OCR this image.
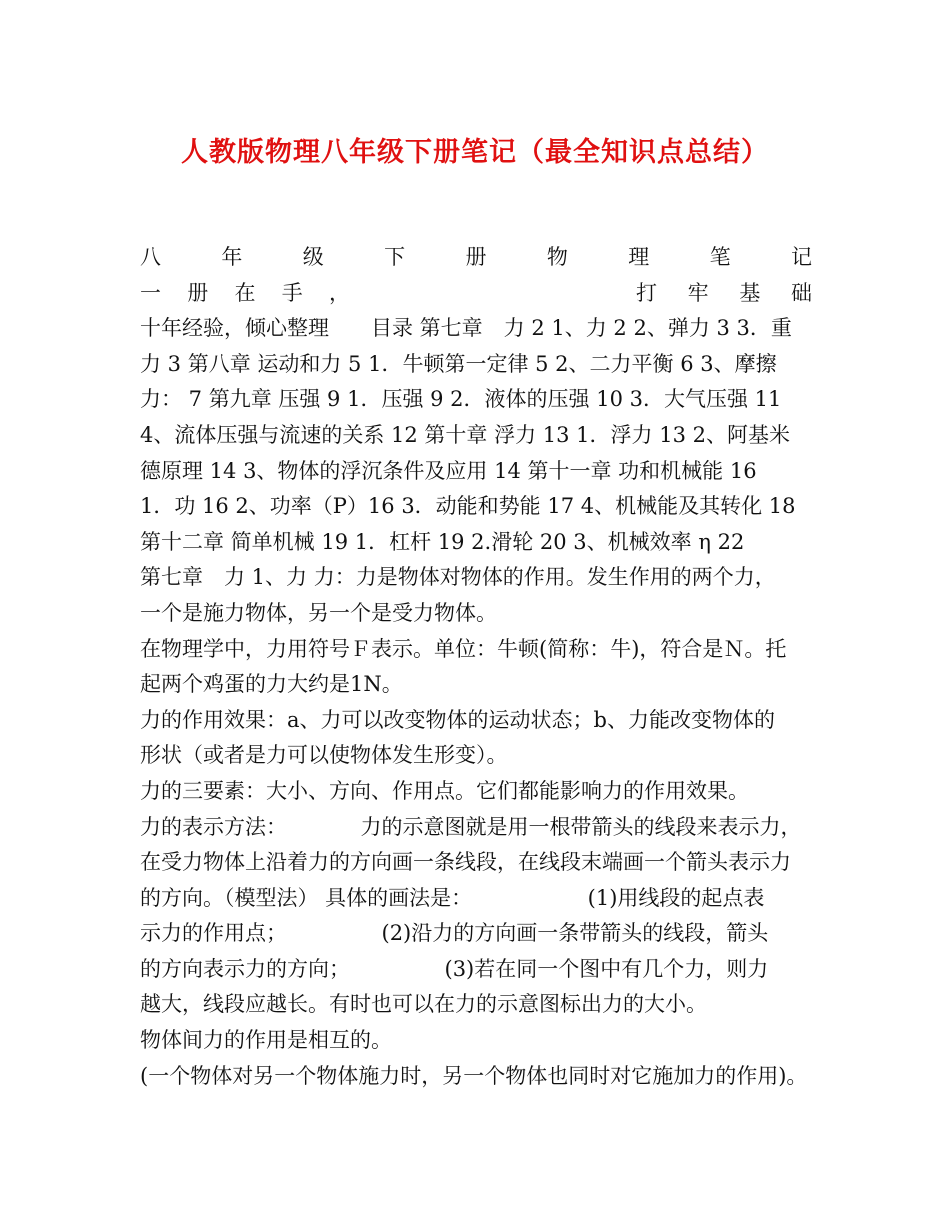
人教版物理八年级下册笔记（最全知识点总结）
八	年	级	下	册	物	理	笔	记
一 册 在 手 ，	打 牢 基 础
十年经验，倾心整理　　目录 第七章　力 2 1、力 2 2、弹力 3 3．重
力 3 第八章 运动和力 5 1．牛顿第一定律 5 2、二力平衡 6 3、摩擦
力： 7 第九章 压强 9 1．压强 9 2．液体的压强 10 3．大气压强 11
4、流体压强与流速的关系 12 第十章 浮力 13 1．浮力 13 2、阿基米
德原理 14 3、物体的浮沉条件及应用 14 第十一章 功和机械能 16
1．功 16 2、功率（P）16 3．动能和势能 17 4、机械能及其转化 18
第十二章 简单机械 19 1．杠杆 19 2.滑轮 20 3、机械效率 η 22
第七章　力 1、力 力：力是物体对物体的作用。发生作用的两个力，
一个是施力物体，另一个是受力物体。
在物理学中，力用符号Ｆ表示。单位：牛顿(简称：牛)，符合是Ｎ。托
起两个鸡蛋的力大约是1N。
力的作用效果：a、力可以改变物体的运动状态；b、力能改变物体的
形状（或者是力可以使物体发生形变）。
力的三要素：大小、方向、作用点。它们都能影响力的作用效果。
力的表示方法：　　　　力的示意图就是用一根带箭头的线段来表示力，
在受力物体上沿着力的方向画一条线段，在线段末端画一个箭头表示力
的方向。（模型法） 具体的画法是：　　　　　　(1)用线段的起点表
示力的作用点；　　　　　(2)沿力的方向画一条带箭头的线段，箭头
的方向表示力的方向；　　　　　(3)若在同一个图中有几个力，则力
越大，线段应越长。有时也可以在力的示意图标出力的大小。
物体间力的作用是相互的。
(一个物体对另一个物体施力时，另一个物体也同时对它施加力的作用)。
